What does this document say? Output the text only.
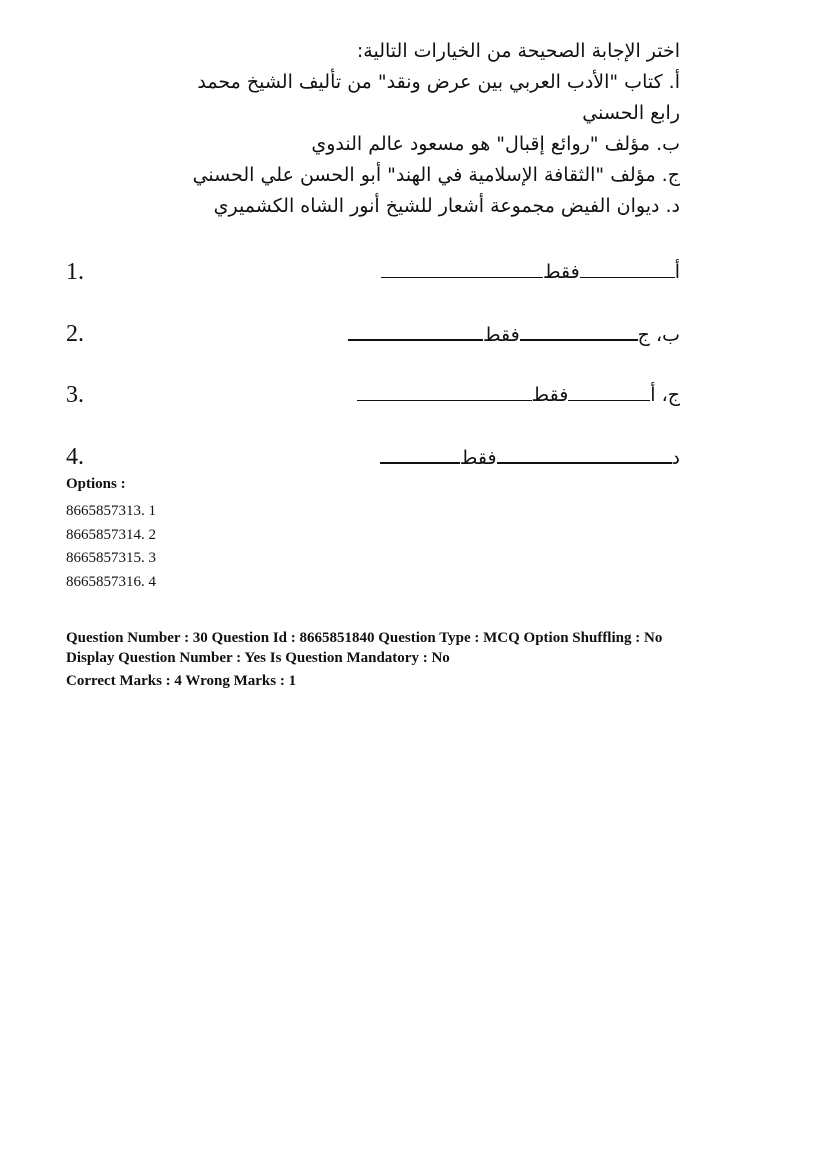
اختر الإجابة الصحيحة من الخيارات التالية:

أ. كتاب "الأدب العربي بين عرض ونقد" من تأليف الشيخ محمد رابع الحسني

ب. مؤلف "روائع إقبال" هو مسعود عالم الندوي

ج. مؤلف "الثقافة الإسلامية في الهند" أبو الحسن علي الحسني

د. ديوان الفيض مجموعة أشعار للشيخ أنور الشاه الكشميري

1.	أفقط
2.	ب، جفقط
3.	ج، أفقط
4.	دفقط
Options :
8665857313. 1
8665857314. 2
8665857315. 3
8665857316. 4
Question Number : 30 Question Id : 8665851840 Question Type : MCQ Option Shuffling : No
Display Question Number : Yes Is Question Mandatory : No
Correct Marks : 4 Wrong Marks : 1
